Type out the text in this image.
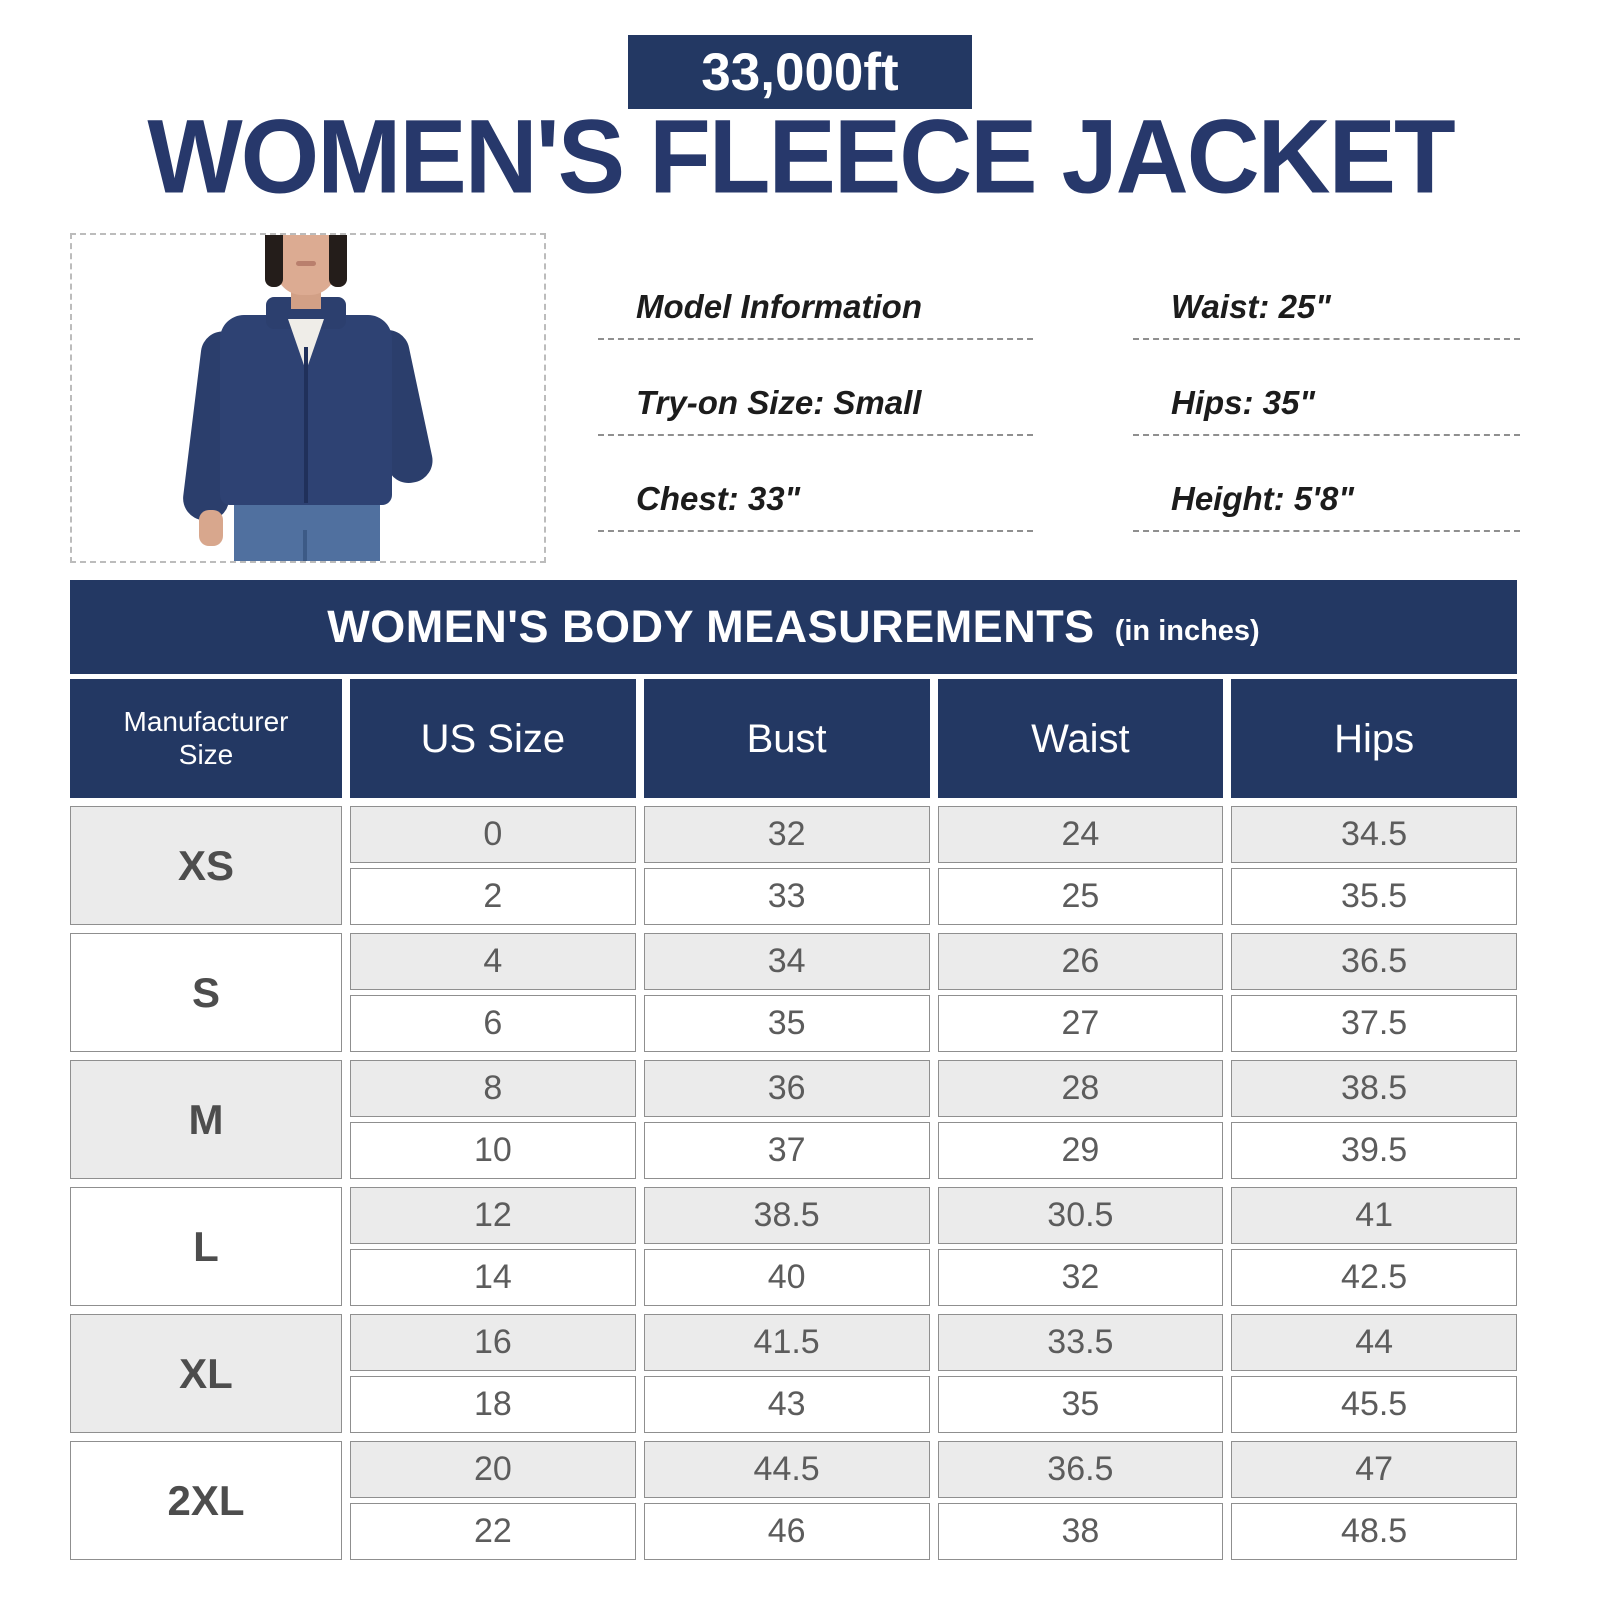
33,000ft
WOMEN'S FLEECE JACKET
Model Information	Waist: 25"
Try-on Size: Small	Hips: 35"
Chest: 33"	Height: 5'8"
WOMEN'S BODY MEASUREMENTS (in inches)
Manufacturer
Size	US Size	Bust	Waist	Hips
XS
0	32	24	34.5
2	33	25	35.5
S
4	34	26	36.5
6	35	27	37.5
M
8	36	28	38.5
10	37	29	39.5
L
12	38.5	30.5	41
14	40	32	42.5
XL
16	41.5	33.5	44
18	43	35	45.5
2XL
20	44.5	36.5	47
22	46	38	48.5
